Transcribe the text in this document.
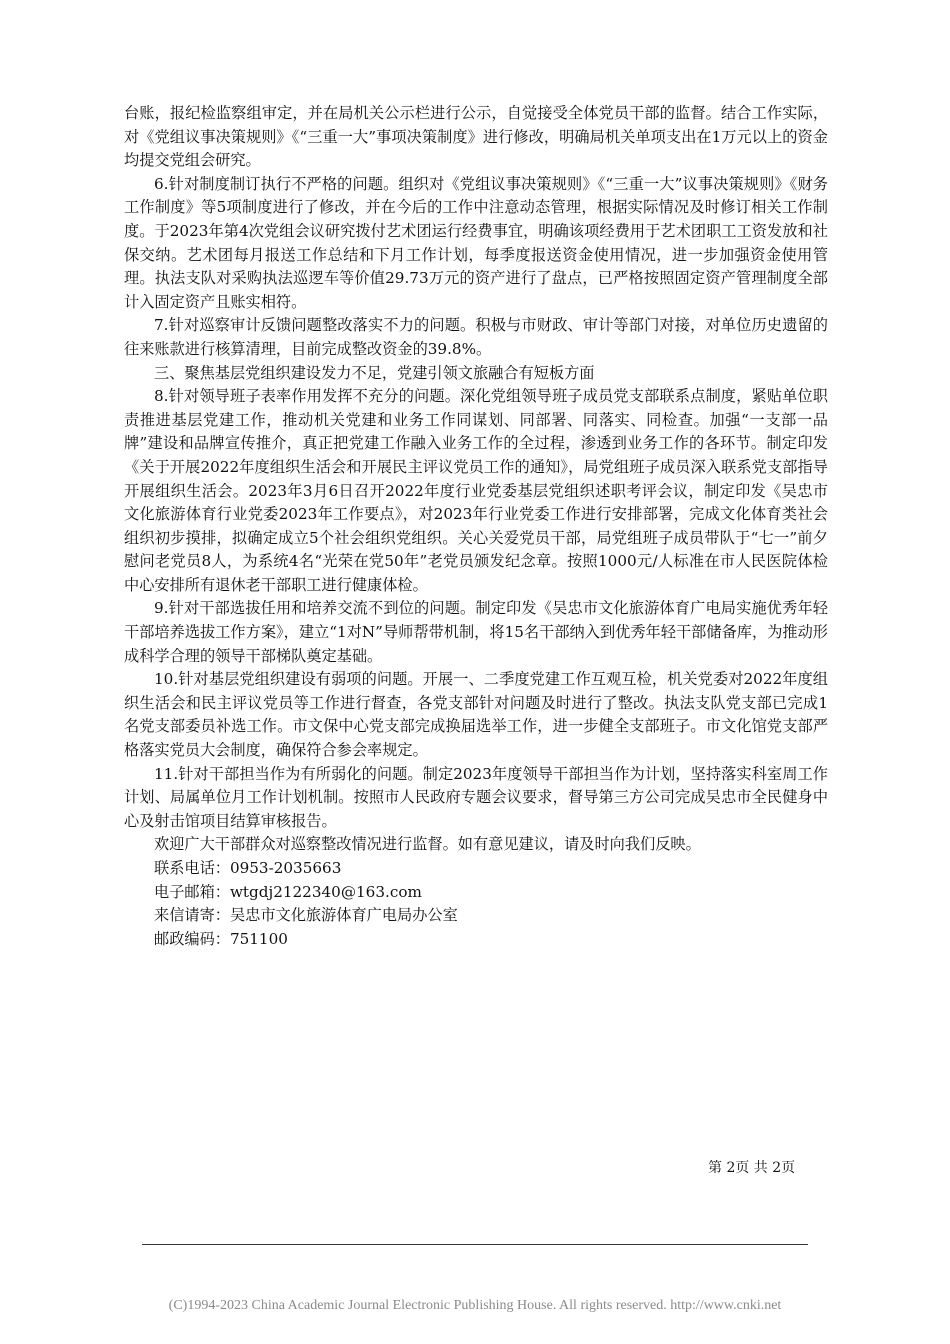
台账，报纪检监察组审定，并在局机关公示栏进行公示，自觉接受全体党员干部的监督。结合工作实际，对《党组议事决策规则》《“三重一大”事项决策制度》进行修改，明确局机关单项支出在1万元以上的资金均提交党组会研究。

6.针对制度制订执行不严格的问题。组织对《党组议事决策规则》《“三重一大”议事决策规则》《财务工作制度》等5项制度进行了修改，并在今后的工作中注意动态管理，根据实际情况及时修订相关工作制度。于2023年第4次党组会议研究拨付艺术团运行经费事宜，明确该项经费用于艺术团职工工资发放和社保交纳。艺术团每月报送工作总结和下月工作计划，每季度报送资金使用情况，进一步加强资金使用管理。执法支队对采购执法巡逻车等价值29.73万元的资产进行了盘点，已严格按照固定资产管理制度全部计入固定资产且账实相符。

7.针对巡察审计反馈问题整改落实不力的问题。积极与市财政、审计等部门对接，对单位历史遗留的往来账款进行核算清理，目前完成整改资金的39.8%。

三、聚焦基层党组织建设发力不足，党建引领文旅融合有短板方面

8.针对领导班子表率作用发挥不充分的问题。深化党组领导班子成员党支部联系点制度，紧贴单位职责推进基层党建工作，推动机关党建和业务工作同谋划、同部署、同落实、同检查。加强“一支部一品牌”建设和品牌宣传推介，真正把党建工作融入业务工作的全过程，渗透到业务工作的各环节。制定印发《关于开展2022年度组织生活会和开展民主评议党员工作的通知》，局党组班子成员深入联系党支部指导开展组织生活会。2023年3月6日召开2022年度行业党委基层党组织述职考评会议，制定印发《吴忠市文化旅游体育行业党委2023年工作要点》，对2023年行业党委工作进行安排部署，完成文化体育类社会组织初步摸排，拟确定成立5个社会组织党组织。关心关爱党员干部，局党组班子成员带队于“七一”前夕慰问老党员8人，为系统4名“光荣在党50年”老党员颁发纪念章。按照1000元/人标准在市人民医院体检中心安排所有退休老干部职工进行健康体检。

9.针对干部选拔任用和培养交流不到位的问题。制定印发《吴忠市文化旅游体育广电局实施优秀年轻干部培养选拔工作方案》，建立“1对N”导师帮带机制，将15名干部纳入到优秀年轻干部储备库，为推动形成科学合理的领导干部梯队奠定基础。

10.针对基层党组织建设有弱项的问题。开展一、二季度党建工作互观互检，机关党委对2022年度组织生活会和民主评议党员等工作进行督查，各党支部针对问题及时进行了整改。执法支队党支部已完成1名党支部委员补选工作。市文保中心党支部完成换届选举工作，进一步健全支部班子。市文化馆党支部严格落实党员大会制度，确保符合参会率规定。

11.针对干部担当作为有所弱化的问题。制定2023年度领导干部担当作为计划，坚持落实科室周工作计划、局属单位月工作计划机制。按照市人民政府专题会议要求，督导第三方公司完成吴忠市全民健身中心及射击馆项目结算审核报告。

欢迎广大干部群众对巡察整改情况进行监督。如有意见建议，请及时向我们反映。

联系电话：0953-2035663

电子邮箱：wtgdj2122340@163.com

来信请寄：吴忠市文化旅游体育广电局办公室

邮政编码：751100

第 2页 共 2页
(C)1994-2023 China Academic Journal Electronic Publishing House. All rights reserved. http://www.cnki.net
